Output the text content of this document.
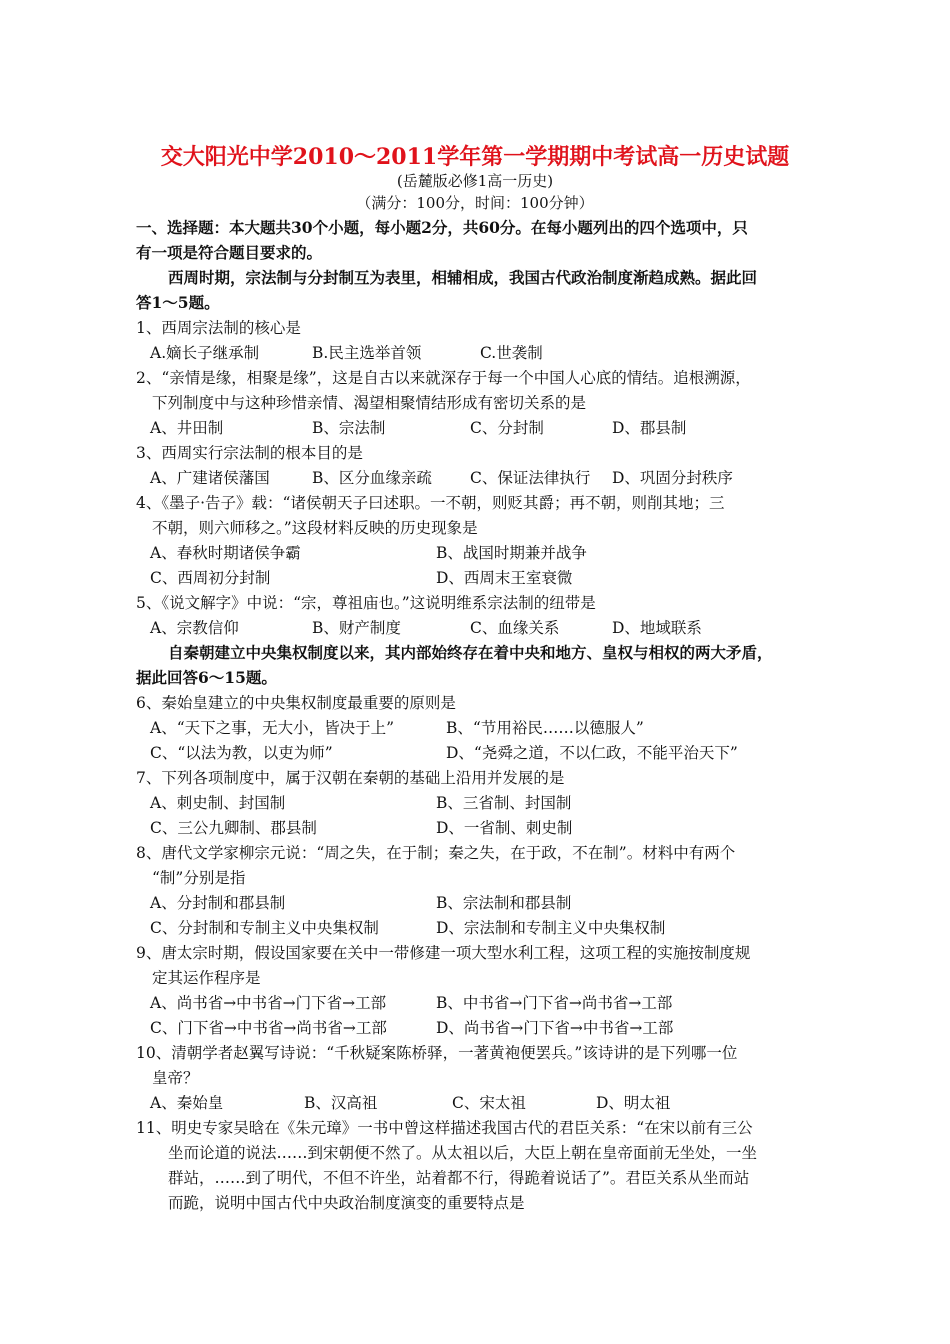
交大阳光中学2010～2011学年第一学期期中考试高一历史试题
(岳麓版必修1高一历史)
（满分：100分，时间：100分钟）
一、选择题：本大题共30个小题，每小题2分，共60分。在每小题列出的四个选项中，只
有一项是符合题目要求的。
西周时期，宗法制与分封制互为表里，相辅相成，我国古代政治制度渐趋成熟。据此回
答1～5题。
1、西周宗法制的核心是
A.嫡长子继承制	B.民主选举首领	C.世袭制
2、“亲情是缘，相聚是缘”，这是自古以来就深存于每一个中国人心底的情结。追根溯源，
下列制度中与这种珍惜亲情、渴望相聚情结形成有密切关系的是
A、井田制	B、宗法制	C、分封制	D、郡县制
3、西周实行宗法制的根本目的是
A、广建诸侯藩国	B、区分血缘亲疏 C、保证法律执行 D、巩固分封秩序
4、《墨子·告子》载：“诸侯朝天子曰述职。一不朝，则贬其爵；再不朝，则削其地；三
不朝，则六师移之。”这段材料反映的历史现象是
A、春秋时期诸侯争霸	B、战国时期兼并战争
C、西周初分封制	D、西周末王室衰微
5、《说文解字》中说：“宗，尊祖庙也。”这说明维系宗法制的纽带是
A、宗教信仰	B、财产制度	C、血缘关系	D、地域联系
自秦朝建立中央集权制度以来，其内部始终存在着中央和地方、皇权与相权的两大矛盾，
据此回答6～15题。
6、秦始皇建立的中央集权制度最重要的原则是
A、“天下之事，无大小，皆决于上”	B、“节用裕民……以德服人”
C、“以法为教，以吏为师”	D、“尧舜之道，不以仁政，不能平治天下”
7、下列各项制度中，属于汉朝在秦朝的基础上沿用并发展的是
A、刺史制、封国制	B、三省制、封国制
C、三公九卿制、郡县制	D、一省制、刺史制
8、唐代文学家柳宗元说：“周之失，在于制；秦之失，在于政，不在制”。材料中有两个
“制”分别是指
A、分封制和郡县制	B、宗法制和郡县制
C、分封制和专制主义中央集权制	D、宗法制和专制主义中央集权制
9、唐太宗时期，假设国家要在关中一带修建一项大型水利工程，这项工程的实施按制度规
定其运作程序是
A、尚书省→中书省→门下省→工部	B、中书省→门下省→尚书省→工部
C、门下省→中书省→尚书省→工部	D、尚书省→门下省→中书省→工部
10、清朝学者赵翼写诗说：“千秋疑案陈桥驿，一著黄袍便罢兵。”该诗讲的是下列哪一位
皇帝？
A、秦始皇	B、汉高祖	C、宋太祖	D、明太祖
11、明史专家吴晗在《朱元璋》一书中曾这样描述我国古代的君臣关系：“在宋以前有三公
坐而论道的说法……到宋朝便不然了。从太祖以后，大臣上朝在皇帝面前无坐处，一坐
群站，……到了明代，不但不许坐，站着都不行，得跪着说话了”。君臣关系从坐而站
而跪，说明中国古代中央政治制度演变的重要特点是
